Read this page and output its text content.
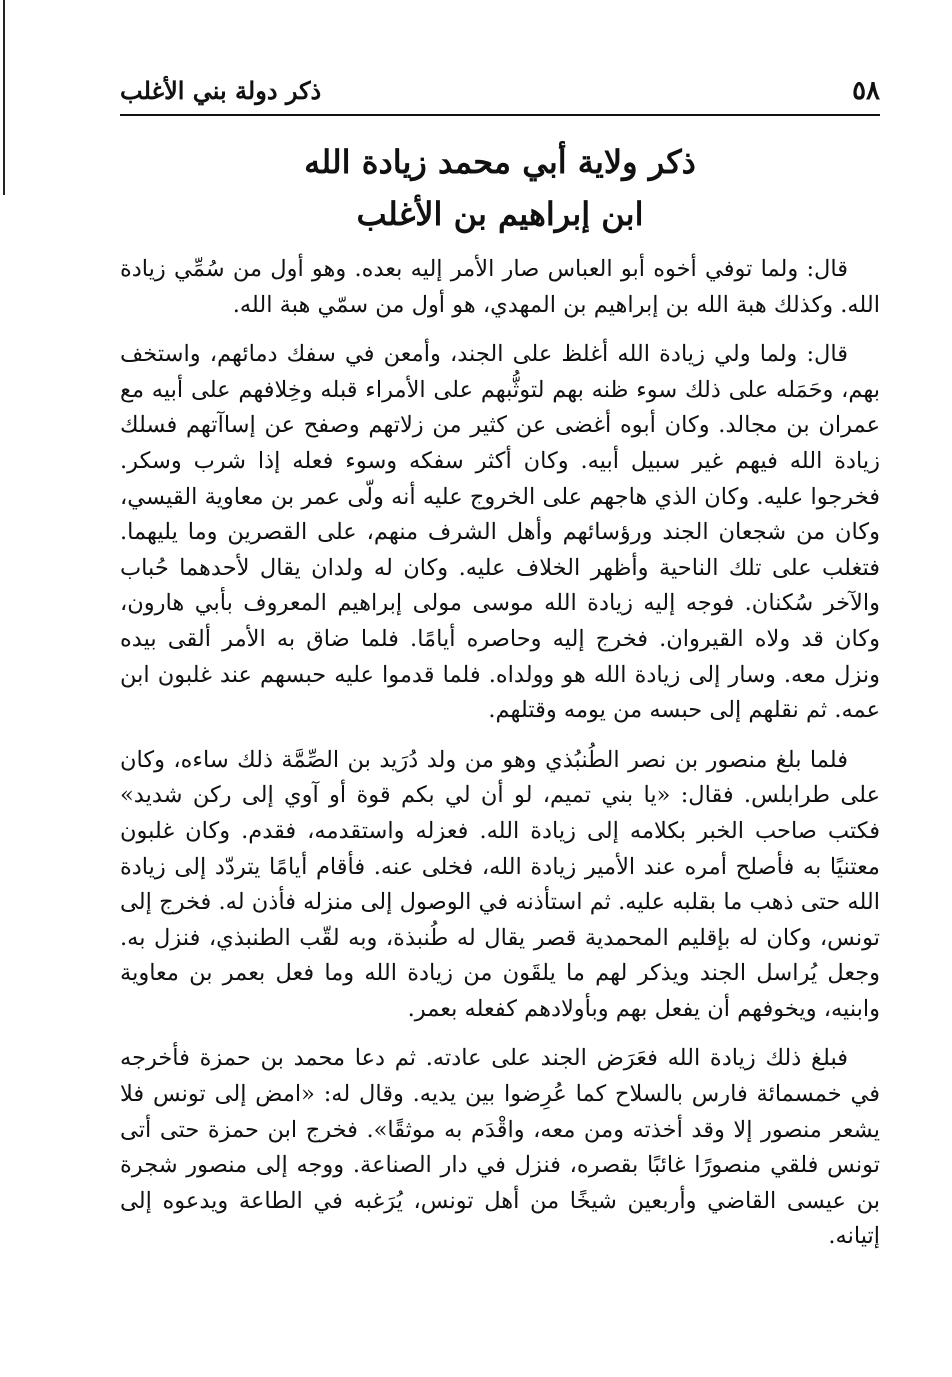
٥٨
ذكر دولة بني الأغلب
ذكر ولاية أبي محمد زيادة الله
ابن إبراهيم بن الأغلب

قال: ولما توفي أخوه أبو العباس صار الأمر إليه بعده. وهو أول من سُمِّي زيادة الله. وكذلك هبة الله بن إبراهيم بن المهدي، هو أول من سمّي هبة الله.

قال: ولما ولي زيادة الله أغلظ على الجند، وأمعن في سفك دمائهم، واستخف بهم، وحَمَله على ذلك سوء ظنه بهم لتوثُّبهم على الأمراء قبله وخِلافهم على أبيه مع عمران بن مجالد. وكان أبوه أغضى عن كثير من زلاتهم وصفح عن إساآتهم فسلك زيادة الله فيهم غير سبيل أبيه. وكان أكثر سفكه وسوء فعله إذا شرب وسكر. فخرجوا عليه. وكان الذي هاجهم على الخروج عليه أنه ولّى عمر بن معاوية القيسي، وكان من شجعان الجند ورؤسائهم وأهل الشرف منهم، على القصرين وما يليهما. فتغلب على تلك الناحية وأظهر الخلاف عليه. وكان له ولدان يقال لأحدهما حُباب والآخر سُكنان. فوجه إليه زيادة الله موسى مولى إبراهيم المعروف بأبي هارون، وكان قد ولاه القيروان. فخرج إليه وحاصره أيامًا. فلما ضاق به الأمر ألقى بيده ونزل معه. وسار إلى زيادة الله هو وولداه. فلما قدموا عليه حبسهم عند غلبون ابن عمه. ثم نقلهم إلى حبسه من يومه وقتلهم.

فلما بلغ منصور بن نصر الطُنبُذي وهو من ولد دُرَيد بن الصِّمَّة ذلك ساءه، وكان على طرابلس. فقال: «يا بني تميم، لو أن لي بكم قوة أو آوي إلى ركن شديد» فكتب صاحب الخبر بكلامه إلى زيادة الله. فعزله واستقدمه، فقدم. وكان غلبون معتنيًا به فأصلح أمره عند الأمير زيادة الله، فخلى عنه. فأقام أيامًا يتردّد إلى زيادة الله حتى ذهب ما بقلبه عليه. ثم استأذنه في الوصول إلى منزله فأذن له. فخرج إلى تونس، وكان له بإقليم المحمدية قصر يقال له طُنبذة، وبه لقّب الطنبذي، فنزل به. وجعل يُراسل الجند ويذكر لهم ما يلقَون من زيادة الله وما فعل بعمر بن معاوية وابنيه، ويخوفهم أن يفعل بهم وبأولادهم كفعله بعمر.

فبلغ ذلك زيادة الله فعَرَض الجند على عادته. ثم دعا محمد بن حمزة فأخرجه في خمسمائة فارس بالسلاح كما عُرِضوا بين يديه. وقال له: «امض إلى تونس فلا يشعر منصور إلا وقد أخذته ومن معه، واقْدَم به موثقًا». فخرج ابن حمزة حتى أتى تونس فلقي منصورًا غائبًا بقصره، فنزل في دار الصناعة. ووجه إلى منصور شجرة بن عيسى القاضي وأربعين شيخًا من أهل تونس، يُرَغبه في الطاعة ويدعوه إلى إتيانه.
